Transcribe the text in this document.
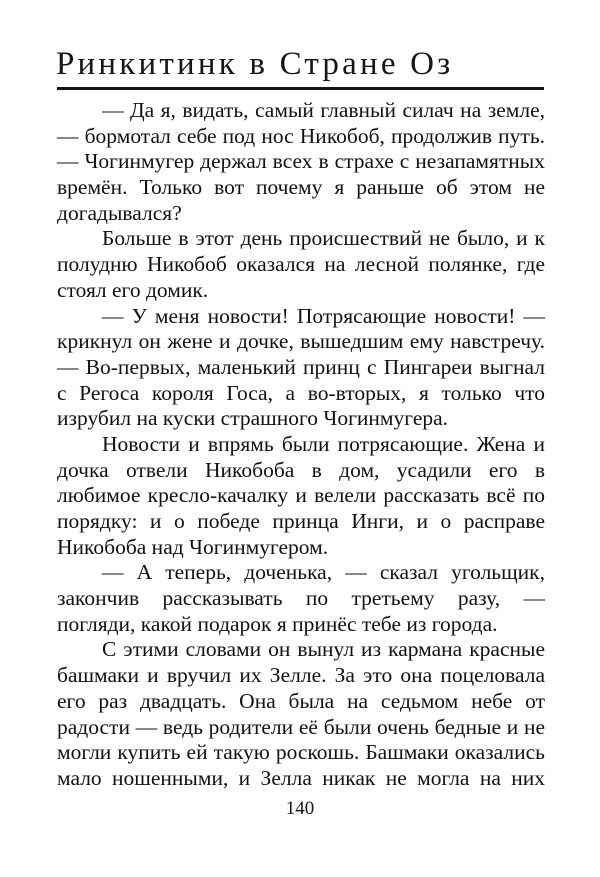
Ринкитинк в Стране Оз
— Да я, видать, самый главный силач на земле,
— бормотал себе под нос Никобоб, продолжив путь.
— Чогинмугер держал всех в страхе с незапамятных
времён. Только вот почему я раньше об этом не
догадывался?
Больше в этот день происшествий не было, и к
полудню Никобоб оказался на лесной полянке, где
стоял его домик.
— У меня новости! Потрясающие новости! —
крикнул он жене и дочке, вышедшим ему навстречу.
— Во-первых, маленький принц с Пингареи выгнал
с Регоса короля Госа, а во-вторых, я только что
изрубил на куски страшного Чогинмугера.
Новости и впрямь были потрясающие. Жена и
дочка отвели Никобоба в дом, усадили его в
любимое кресло-качалку и велели рассказать всё по
порядку: и о победе принца Инги, и о расправе
Никобоба над Чогинмугером.
— А теперь, доченька, — сказал угольщик,
закончив рассказывать по третьему разу, —
погляди, какой подарок я принёс тебе из города.
С этими словами он вынул из кармана красные
башмаки и вручил их Зелле. За это она поцеловала
его раз двадцать. Она была на седьмом небе от
радости — ведь родители её были очень бедные и не
могли купить ей такую роскошь. Башмаки оказались
мало ношенными, и Зелла никак не могла на них
140
